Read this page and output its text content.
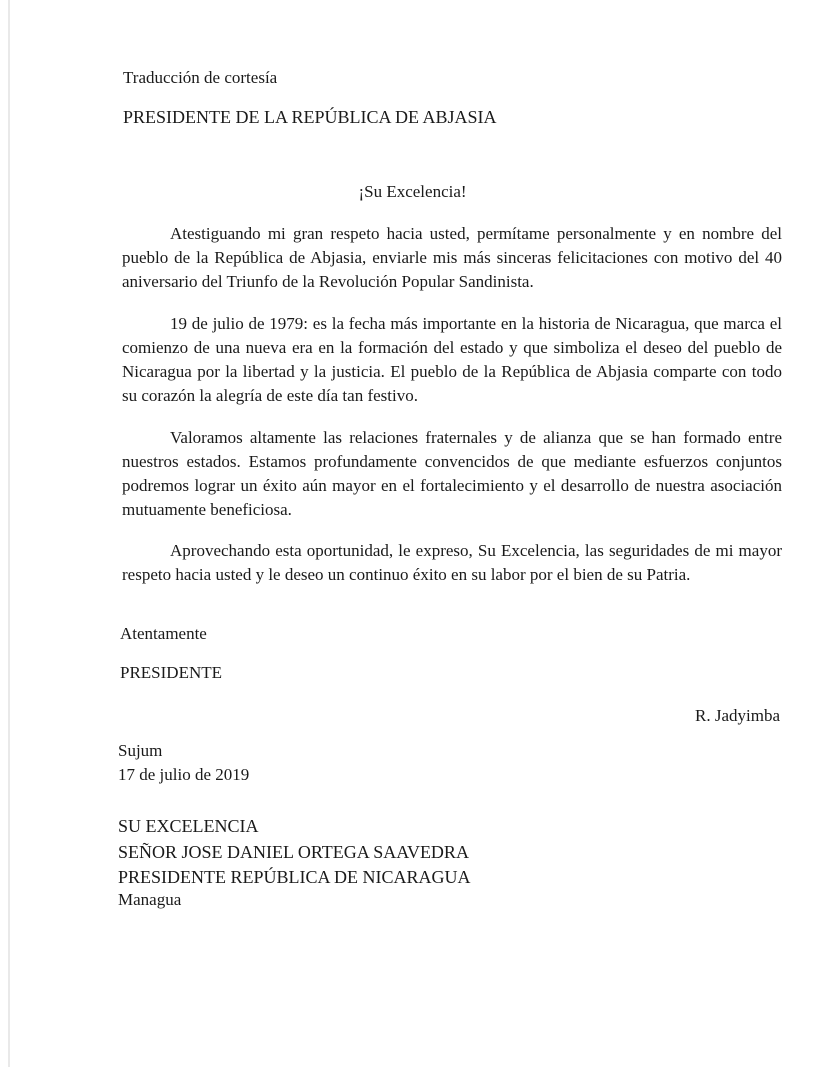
Traducción de cortesía
PRESIDENTE DE LA REPÚBLICA DE ABJASIA
¡Su Excelencia!

Atestiguando mi gran respeto hacia usted, permítame personalmente y en nombre del pueblo de la República de Abjasia, enviarle mis más sinceras felicitaciones con motivo del 40 aniversario del Triunfo de la Revolución Popular Sandinista.

19 de julio de 1979: es la fecha más importante en la historia de Nicaragua, que marca el comienzo de una nueva era en la formación del estado y que simboliza el deseo del pueblo de Nicaragua por la libertad y la justicia. El pueblo de la República de Abjasia comparte con todo su corazón la alegría de este día tan festivo.

Valoramos altamente las relaciones fraternales y de alianza que se han formado entre nuestros estados. Estamos profundamente convencidos de que mediante esfuerzos conjuntos podremos lograr un éxito aún mayor en el fortalecimiento y el desarrollo de nuestra asociación mutuamente beneficiosa.

Aprovechando esta oportunidad, le expreso, Su Excelencia, las seguridades de mi mayor respeto hacia usted y le deseo un continuo éxito en su labor por el bien de su Patria.

Atentamente
PRESIDENTE
R. Jadyimba
Sujum
17 de julio de 2019
SU EXCELENCIA
SEÑOR JOSE DANIEL ORTEGA SAAVEDRA
PRESIDENTE REPÚBLICA DE NICARAGUA
Managua
